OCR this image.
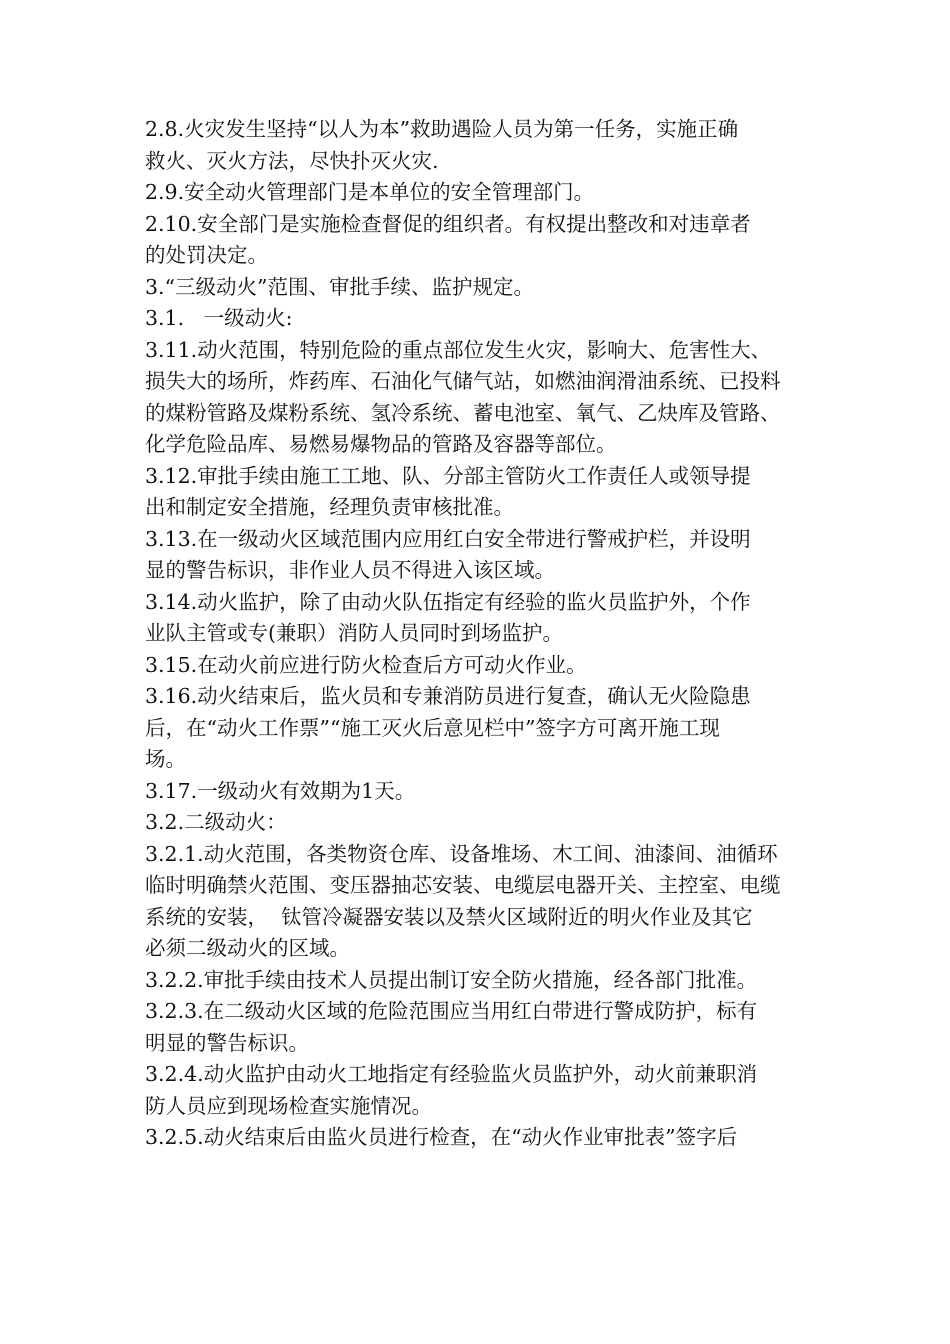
2.8.火灾发生坚持“以人为本”救助遇险人员为第一任务，实施正确
救火、灭火方法，尽快扑灭火灾.
2.9.安全动火管理部门是本单位的安全管理部门。
2.10.安全部门是实施检查督促的组织者。有权提出整改和对违章者
的处罚决定。
3.“三级动火”范围、审批手续、监护规定。
3.1.   一级动火:
3.11.动火范围，特别危险的重点部位发生火灾，影响大、危害性大、
损失大的场所，炸药库、石油化气储气站，如燃油润滑油系统、已投料
的煤粉管路及煤粉系统、氢冷系统、蓄电池室、氧气、乙炔库及管路、
化学危险品库、易燃易爆物品的管路及容器等部位。
3.12.审批手续由施工工地、队、分部主管防火工作责任人或领导提
出和制定安全措施，经理负责审核批准。
3.13.在一级动火区域范围内应用红白安全带进行警戒护栏，并设明
显的警告标识，非作业人员不得进入该区域。
3.14.动火监护，除了由动火队伍指定有经验的监火员监护外，个作
业队主管或专(兼职）消防人员同时到场监护。
3.15.在动火前应进行防火检查后方可动火作业。
3.16.动火结束后，监火员和专兼消防员进行复查，确认无火险隐患
后，在“动火工作票”“施工灭火后意见栏中”签字方可离开施工现
场。
3.17.一级动火有效期为1天。
3.2.二级动火：
3.2.1.动火范围，各类物资仓库、设备堆场、木工间、油漆间、油循环
临时明确禁火范围、变压器抽芯安装、电缆层电器开关、主控室、电缆
系统的安装，  钛管冷凝器安装以及禁火区域附近的明火作业及其它
必须二级动火的区域。
3.2.2.审批手续由技术人员提出制订安全防火措施，经各部门批准。
3.2.3.在二级动火区域的危险范围应当用红白带进行警成防护，标有
明显的警告标识。
3.2.4.动火监护由动火工地指定有经验监火员监护外，动火前兼职消
防人员应到现场检查实施情况。
3.2.5.动火结束后由监火员进行检查，在“动火作业审批表”签字后
